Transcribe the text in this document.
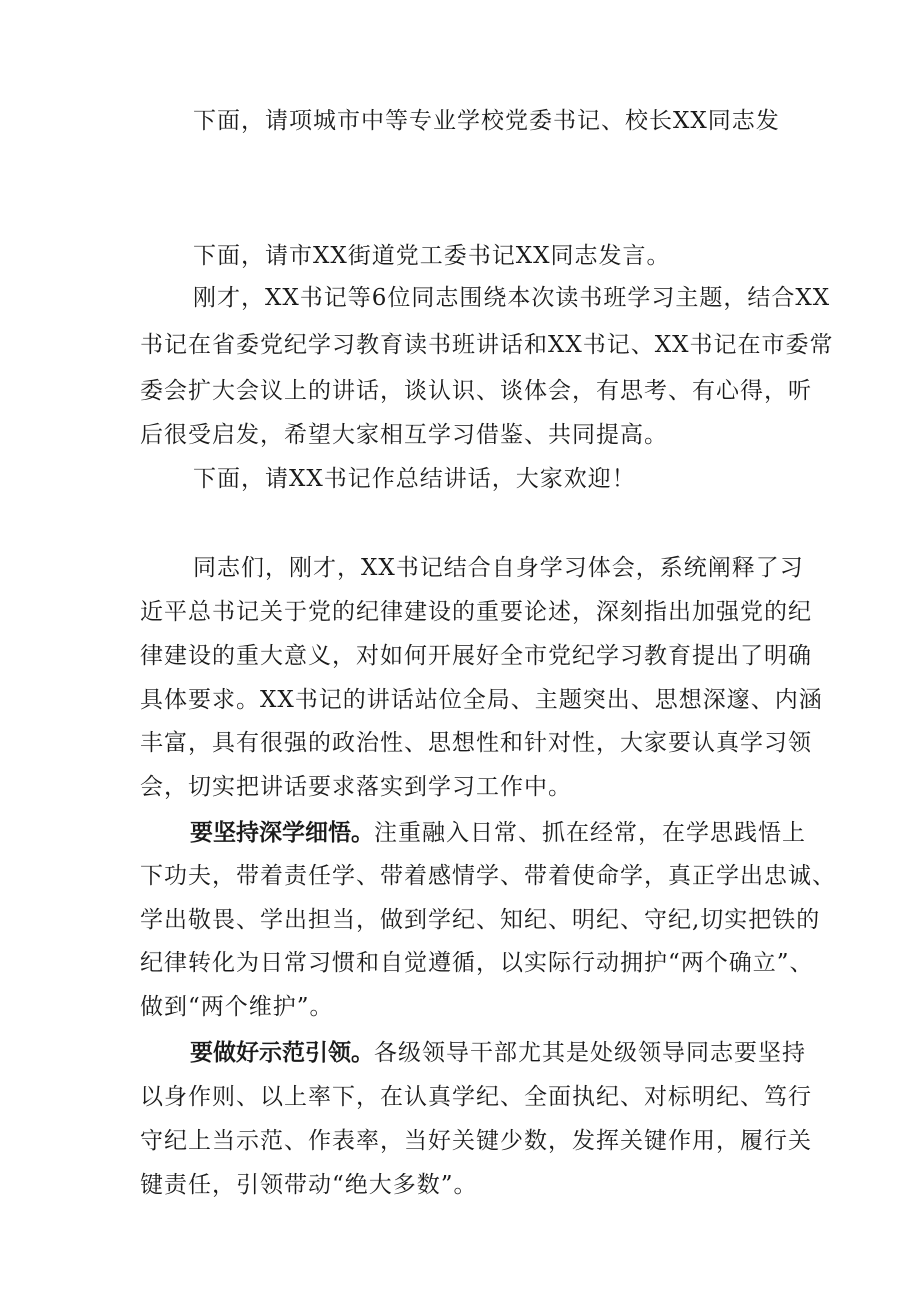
下面，请项城市中等专业学校党委书记、校长XX同志发
下面，请市XX街道党工委书记XX同志发言。
刚才，XX书记等6位同志围绕本次读书班学习主题，结合XX
书记在省委党纪学习教育读书班讲话和XX书记、XX书记在市委常
委会扩大会议上的讲话，谈认识、谈体会，有思考、有心得，听
后很受启发，希望大家相互学习借鉴、共同提高。
下面，请XX书记作总结讲话，大家欢迎！
同志们，刚才，XX书记结合自身学习体会，系统阐释了习
近平总书记关于党的纪律建设的重要论述，深刻指出加强党的纪
律建设的重大意义，对如何开展好全市党纪学习教育提出了明确
具体要求。XX书记的讲话站位全局、主题突出、思想深邃、内涵
丰富，具有很强的政治性、思想性和针对性，大家要认真学习领
会，切实把讲话要求落实到学习工作中。
要坚持深学细悟。注重融入日常、抓在经常，在学思践悟上
下功夫，带着责任学、带着感情学、带着使命学，真正学出忠诚、
学出敬畏、学出担当，做到学纪、知纪、明纪、守纪,切实把铁的
纪律转化为日常习惯和自觉遵循，以实际行动拥护“两个确立”、
做到“两个维护”。
要做好示范引领。各级领导干部尤其是处级领导同志要坚持
以身作则、以上率下，在认真学纪、全面执纪、对标明纪、笃行
守纪上当示范、作表率，当好关键少数，发挥关键作用，履行关
键责任，引领带动“绝大多数”。
